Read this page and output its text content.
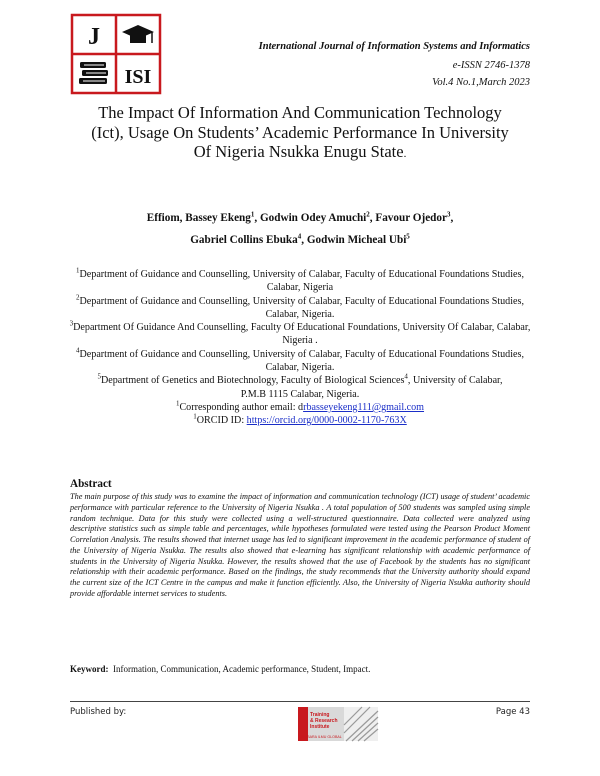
J
ISI
International Journal of Information Systems and Informatics
e-ISSN 2746-1378
Vol.4 No.1,March 2023
The Impact Of Information And Communication Technology
(Ict), Usage On Students’ Academic Performance In University
Of Nigeria Nsukka Enugu State.
Effiom, Bassey Ekeng$^1$, Godwin Odey Amuchi$^2$, Favour Ojedor$^3$,
Gabriel Collins Ebuka$^4$, Godwin Micheal Ubi$^5$

$^1$Department of Guidance and Counselling, University of Calabar, Faculty of Educational Foundations Studies, Calabar, Nigeria

$^2$Department of Guidance and Counselling, University of Calabar, Faculty of Educational Foundations Studies, Calabar, Nigeria.

$^3$Department Of Guidance And Counselling, Faculty Of Educational Foundations, University Of Calabar, Calabar, Nigeria .

$^4$Department of Guidance and Counselling, University of Calabar, Faculty of Educational Foundations Studies, Calabar, Nigeria.

$^5$Department of Genetics and Biotechnology, Faculty of Biological Sciences$^4$, University of Calabar,

P.M.B 1115 Calabar, Nigeria.

$^1$Corresponding author email: drbasseyekeng111@gmail.com

$^1$ORCID ID: https://orcid.org/0000-0002-1170-763X

Abstract
The main purpose of this study was to examine the impact of information and communication technology (ICT) usage of student’ academic performance with particular reference to the University of Nigeria Nsukka . A total population of 500 students was sampled using simple random technique. Data for this study were collected using a well-structured questionnaire. Data collected were analyzed using descriptive statistics such as simple table and percentages, while hypotheses formulated were tested using the Pearson Product Moment Correlation Analysis. The results showed that internet usage has led to significant improvement in the academic performance of student of the University of Nigeria Nsukka. The results also showed that e-learning has significant relationship with academic performance of students in the University of Nigeria Nsukka. However, the results showed that the use of Facebook by the students has no significant relationship with their academic performance. Based on the findings, the study recommends that the University authority should expand the current size of the ICT Centre in the campus and make it function efficiently. Also, the University of Nigeria Nsukka authority should provide affordable internet services to students.
Keyword: Information, Communication, Academic performance, Student, Impact.
Published by:	Page 43
Training
& Research
Institute
JEMBARA ILMU GLOBAL
